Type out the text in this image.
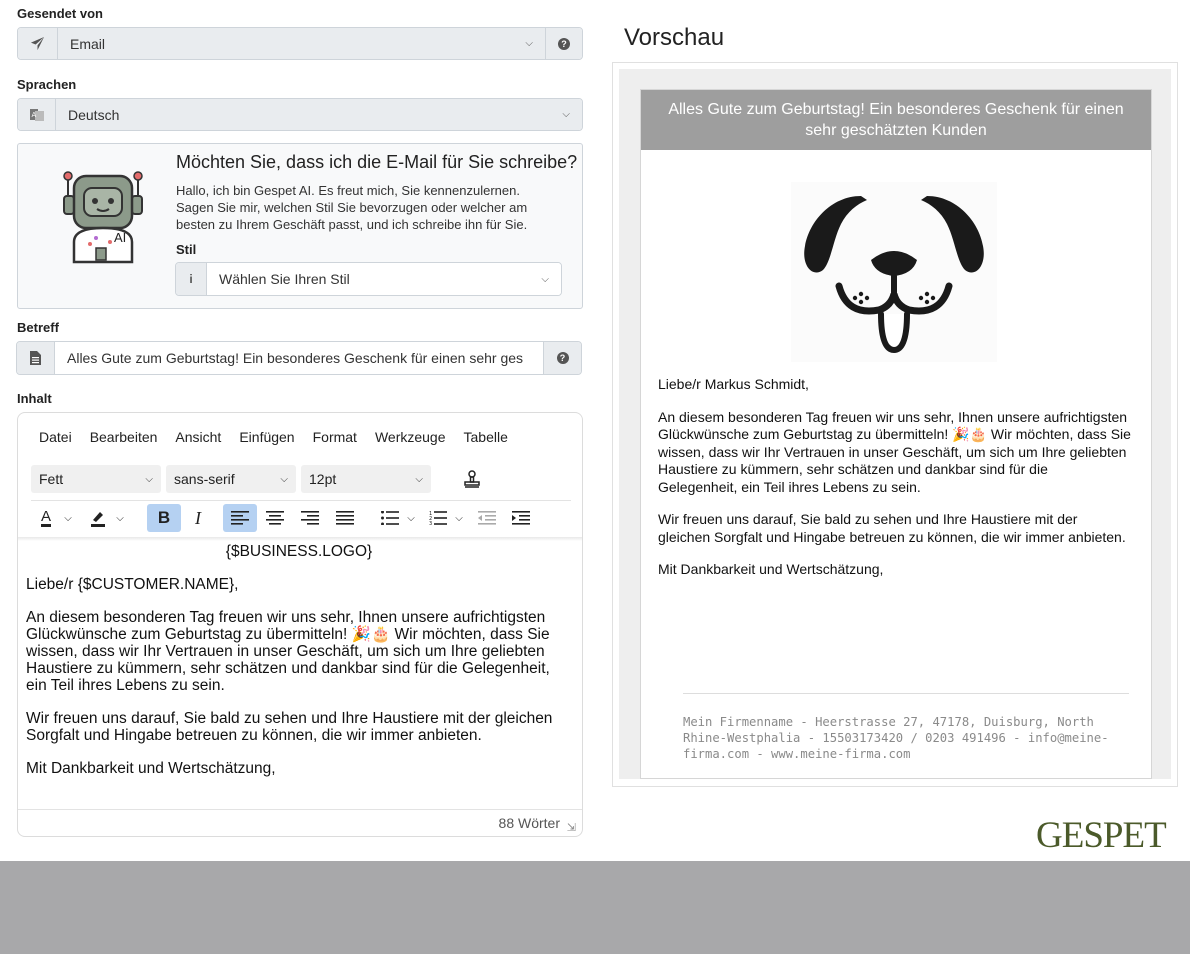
Gesendet von
Email	⌵	?
Sprachen
A Deutsch	⌵
AI
Möchten Sie, dass ich die E-Mail für Sie schreibe?
Hallo, ich bin Gespet AI. Es freut mich, Sie kennenzulernen. Sagen Sie mir, welchen Stil Sie bevorzugen oder welcher am besten zu Ihrem Geschäft passt, und ich schreibe ihn für Sie.
Stil
i	Wählen Sie Ihren Stil	⌵
Betreff
Alles Gute zum Geburtstag! Ein besonderes Geschenk für einen sehr ges	?
Inhalt
Datei Bearbeiten Ansicht Einfügen Format Werkzeuge Tabelle
Fett	⌵ sans-serif	⌵ 12pt	⌵
A	⌵	⌵ B I	⌵	1
2
3
⌵

{$BUSINESS.LOGO}

Liebe/r {$CUSTOMER.NAME},

An diesem besonderen Tag freuen wir uns sehr, Ihnen unsere aufrichtigsten Glückwünsche zum Geburtstag zu übermitteln! 🎉🎂 Wir möchten, dass Sie wissen, dass wir Ihr Vertrauen in unser Geschäft, um sich um Ihre geliebten Haustiere zu kümmern, sehr schätzen und dankbar sind für die Gelegenheit, ein Teil ihres Lebens zu sein.

Wir freuen uns darauf, Sie bald zu sehen und Ihre Haustiere mit der gleichen Sorgfalt und Hingabe betreuen zu können, die wir immer anbieten.

Mit Dankbarkeit und Wertschätzung,

88 Wörter ⇲
Vorschau
Alles Gute zum Geburtstag! Ein besonderes Geschenk für einen sehr geschätzten Kunden

Liebe/r Markus Schmidt,

An diesem besonderen Tag freuen wir uns sehr, Ihnen unsere aufrichtigsten Glückwünsche zum Geburtstag zu übermitteln! 🎉🎂 Wir möchten, dass Sie wissen, dass wir Ihr Vertrauen in unser Geschäft, um sich um Ihre geliebten Haustiere zu kümmern, sehr schätzen und dankbar sind für die Gelegenheit, ein Teil ihres Lebens zu sein.

Wir freuen uns darauf, Sie bald zu sehen und Ihre Haustiere mit der gleichen Sorgfalt und Hingabe betreuen zu können, die wir immer anbieten.

Mit Dankbarkeit und Wertschätzung,

Mein Firmenname - Heerstrasse 27, 47178, Duisburg, North Rhine-Westphalia - 15503173420 / 0203 491496 - info@meine-firma.com - www.meine-firma.com
GESPET
